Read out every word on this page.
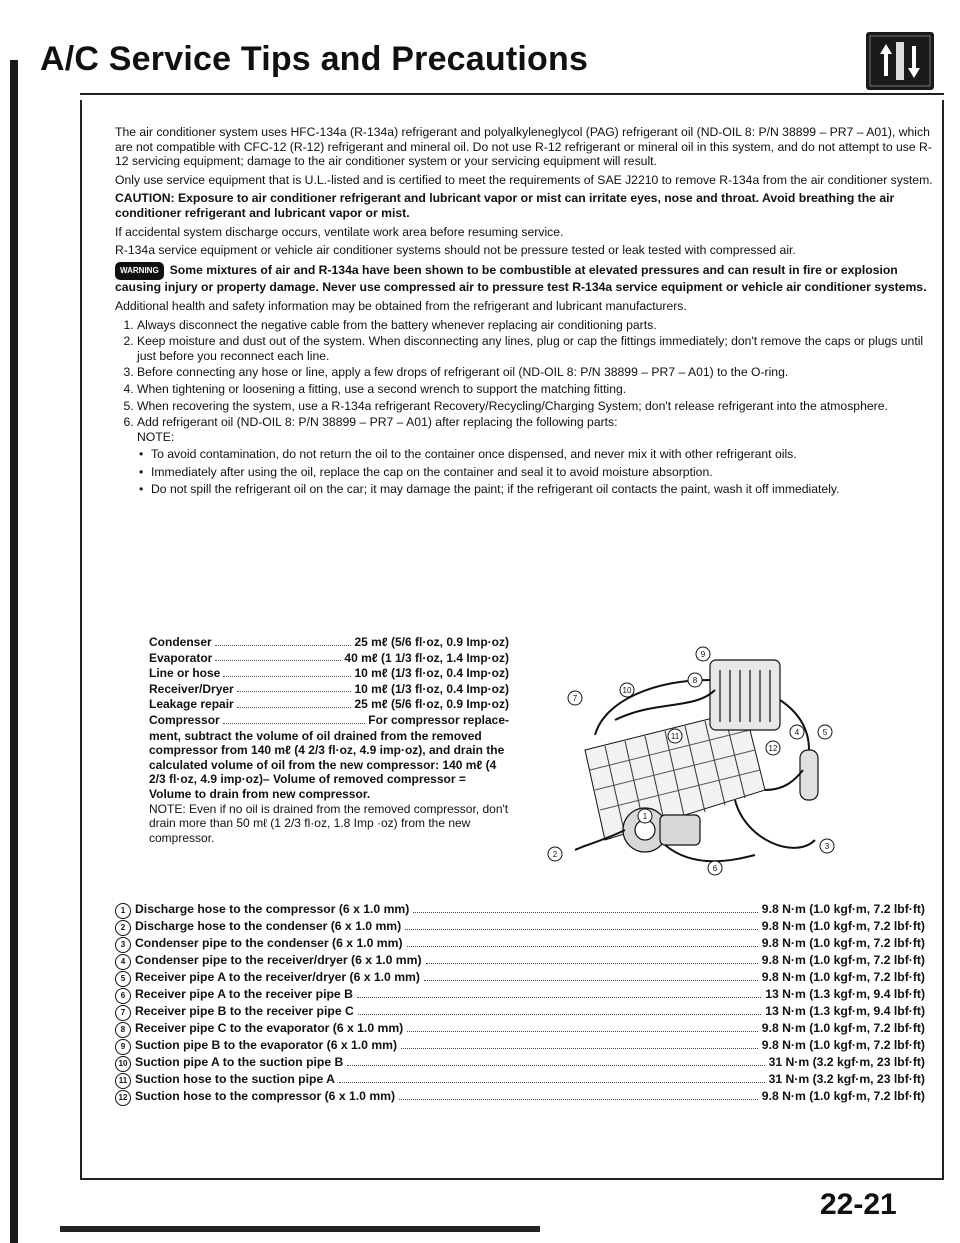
A/C Service Tips and Precautions

The air conditioner system uses HFC-134a (R-134a) refrigerant and polyalkyleneglycol (PAG) refrigerant oil (ND-OIL 8: P/N 38899 – PR7 – A01), which are not compatible with CFC-12 (R-12) refrigerant and mineral oil. Do not use R-12 refrigerant or mineral oil in this system, and do not attempt to use R-12 servicing equipment; damage to the air conditioner system or your servicing equipment will result.

Only use service equipment that is U.L.-listed and is certified to meet the requirements of SAE J2210 to remove R-134a from the air conditioner system.

CAUTION: Exposure to air conditioner refrigerant and lubricant vapor or mist can irritate eyes, nose and throat. Avoid breathing the air conditioner refrigerant and lubricant vapor or mist.

If accidental system discharge occurs, ventilate work area before resuming service.

R-134a service equipment or vehicle air conditioner systems should not be pressure tested or leak tested with compressed air.

WARNING Some mixtures of air and R-134a have been shown to be combustible at elevated pressures and can result in fire or explosion causing injury or property damage. Never use compressed air to pressure test R-134a service equipment or vehicle air conditioner systems.

Additional health and safety information may be obtained from the refrigerant and lubricant manufacturers.

1. Always disconnect the negative cable from the battery whenever replacing air conditioning parts.
2. Keep moisture and dust out of the system. When disconnecting any lines, plug or cap the fittings immediately; don't remove the caps or plugs until just before you reconnect each line.
3. Before connecting any hose or line, apply a few drops of refrigerant oil (ND-OIL 8: P/N 38899 – PR7 – A01) to the O-ring.
4. When tightening or loosening a fitting, use a second wrench to support the matching fitting.
5. When recovering the system, use a R-134a refrigerant Recovery/Recycling/Charging System; don't release refrigerant into the atmosphere.
6. Add refrigerant oil (ND-OIL 8: P/N 38899 – PR7 – A01) after replacing the following parts:
NOTE:
• To avoid contamination, do not return the oil to the container once dispensed, and never mix it with other refrigerant oils.
• Immediately after using the oil, replace the cap on the container and seal it to avoid moisture absorption.
• Do not spill the refrigerant oil on the car; it may damage the paint; if the refrigerant oil contacts the paint, wash it off immediately.
Condenser	25 mℓ (5/6 fl·oz, 0.9 Imp·oz)
Evaporator	40 mℓ (1 1/3 fl·oz, 1.4 Imp·oz)
Line or hose	10 mℓ (1/3 fl·oz, 0.4 Imp·oz)
Receiver/Dryer	10 mℓ (1/3 fl·oz, 0.4 Imp·oz)
Leakage repair	25 mℓ (5/6 fl·oz, 0.9 Imp·oz)
Compressor	For compressor replace-
ment, subtract the volume of oil drained from the removed compressor from 140 mℓ (4 2/3 fl·oz, 4.9 imp·oz), and drain the calculated volume of oil from the new compressor: 140 mℓ (4 2/3 fl·oz, 4.9 imp·oz)– Volume of removed compressor = Volume to drain from new compressor.
NOTE: Even if no oil is drained from the removed compressor, don't drain more than 50 mℓ (1 2/3 fl·oz, 1.8 Imp ·oz) from the new compressor.
1
2
3
4	5
6
7
8
9
10
11
12
1 Discharge hose to the compressor (6 x 1.0 mm)	9.8 N·m (1.0 kgf·m, 7.2 lbf·ft)
2 Discharge hose to the condenser (6 x 1.0 mm)	9.8 N·m (1.0 kgf·m, 7.2 lbf·ft)
3 Condenser pipe to the condenser (6 x 1.0 mm)	9.8 N·m (1.0 kgf·m, 7.2 lbf·ft)
4 Condenser pipe to the receiver/dryer (6 x 1.0 mm)	9.8 N·m (1.0 kgf·m, 7.2 lbf·ft)
5 Receiver pipe A to the receiver/dryer (6 x 1.0 mm)	9.8 N·m (1.0 kgf·m, 7.2 lbf·ft)
6 Receiver pipe A to the receiver pipe B	13 N·m (1.3 kgf·m, 9.4 lbf·ft)
7 Receiver pipe B to the receiver pipe C	13 N·m (1.3 kgf·m, 9.4 lbf·ft)
8 Receiver pipe C to the evaporator (6 x 1.0 mm)	9.8 N·m (1.0 kgf·m, 7.2 lbf·ft)
9 Suction pipe B to the evaporator (6 x 1.0 mm)	9.8 N·m (1.0 kgf·m, 7.2 lbf·ft)
10 Suction pipe A to the suction pipe B	31 N·m (3.2 kgf·m, 23 lbf·ft)
11 Suction hose to the suction pipe A	31 N·m (3.2 kgf·m, 23 lbf·ft)
12 Suction hose to the compressor (6 x 1.0 mm)	9.8 N·m (1.0 kgf·m, 7.2 lbf·ft)
22-21
